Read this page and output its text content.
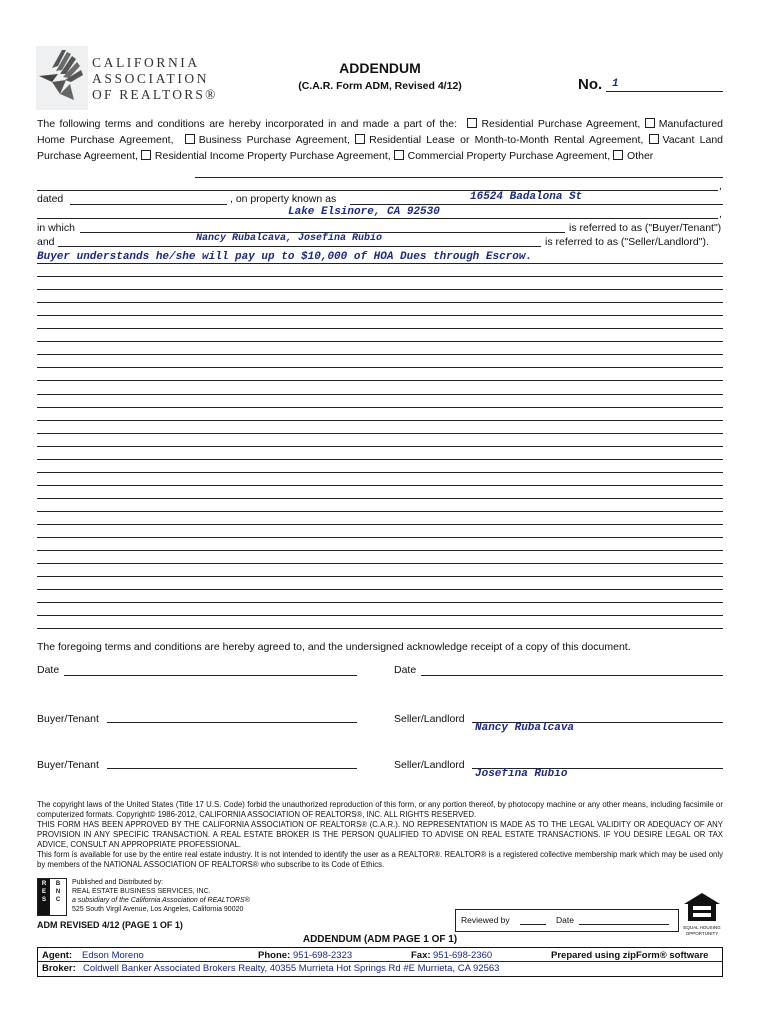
CALIFORNIA
ASSOCIATION
OF REALTORS®
ADDENDUM
(C.A.R. Form ADM, Revised 4/12)	No. 1
The following terms and conditions are hereby incorporated in and made a part of the: Residential Purchase Agreement, Manufactured Home Purchase Agreement, Business Purchase Agreement, Residential Lease or Month-to-Month Rental Agreement, Vacant Land Purchase Agreement, Residential Income Property Purchase Agreement, Commercial Property Purchase Agreement, Other
,
dated	, on property known as	16524 Badalona St
Lake Elsinore, CA 92530	,
in which	is referred to as ("Buyer/Tenant")
and	Nancy Rubalcava, Josefina Rubio	is referred to as ("Seller/Landlord").
Buyer understands he/she will pay up to $10,000 of HOA Dues through Escrow.
The foregoing terms and conditions are hereby agreed to, and the undersigned acknowledge receipt of a copy of this document.
Date	Date
Buyer/Tenant	Seller/Landlord
Nancy Rubalcava
Buyer/Tenant	Seller/Landlord
Josefina Rubio
The copyright laws of the United States (Title 17 U.S. Code) forbid the unauthorized reproduction of this form, or any portion thereof, by photocopy machine or any other means, including facsimile or computerized formats. Copyright© 1986-2012, CALIFORNIA ASSOCIATION OF REALTORS®, INC. ALL RIGHTS RESERVED.
THIS FORM HAS BEEN APPROVED BY THE CALIFORNIA ASSOCIATION OF REALTORS® (C.A.R.). NO REPRESENTATION IS MADE AS TO THE LEGAL VALIDITY OR ADEQUACY OF ANY PROVISION IN ANY SPECIFIC TRANSACTION. A REAL ESTATE BROKER IS THE PERSON QUALIFIED TO ADVISE ON REAL ESTATE TRANSACTIONS. IF YOU DESIRE LEGAL OR TAX ADVICE, CONSULT AN APPROPRIATE PROFESSIONAL.
This form is available for use by the entire real estate industry. It is not intended to identify the user as a REALTOR®. REALTOR® is a registered collective membership mark which may be used only by members of the NATIONAL ASSOCIATION OF REALTORS® who subscribe to its Code of Ethics.
R	B
E	N
S	C
Published and Distributed by:
REAL ESTATE BUSINESS SERVICES, INC.
a subsidiary of the California Association of REALTORS®
525 South Virgil Avenue, Los Angeles, California 90020
ADM REVISED 4/12 (PAGE 1 OF 1)	Reviewed by	Date
EQUAL HOUSING
OPPORTUNITY
ADDENDUM (ADM PAGE 1 OF 1)
Agent: Edson Moreno	Phone: 951-698-2323	Fax: 951-698-2360	Prepared using zipForm® software
Broker: Coldwell Banker Associated Brokers Realty, 40355 Murrieta Hot Springs Rd #E Murrieta, CA 92563
